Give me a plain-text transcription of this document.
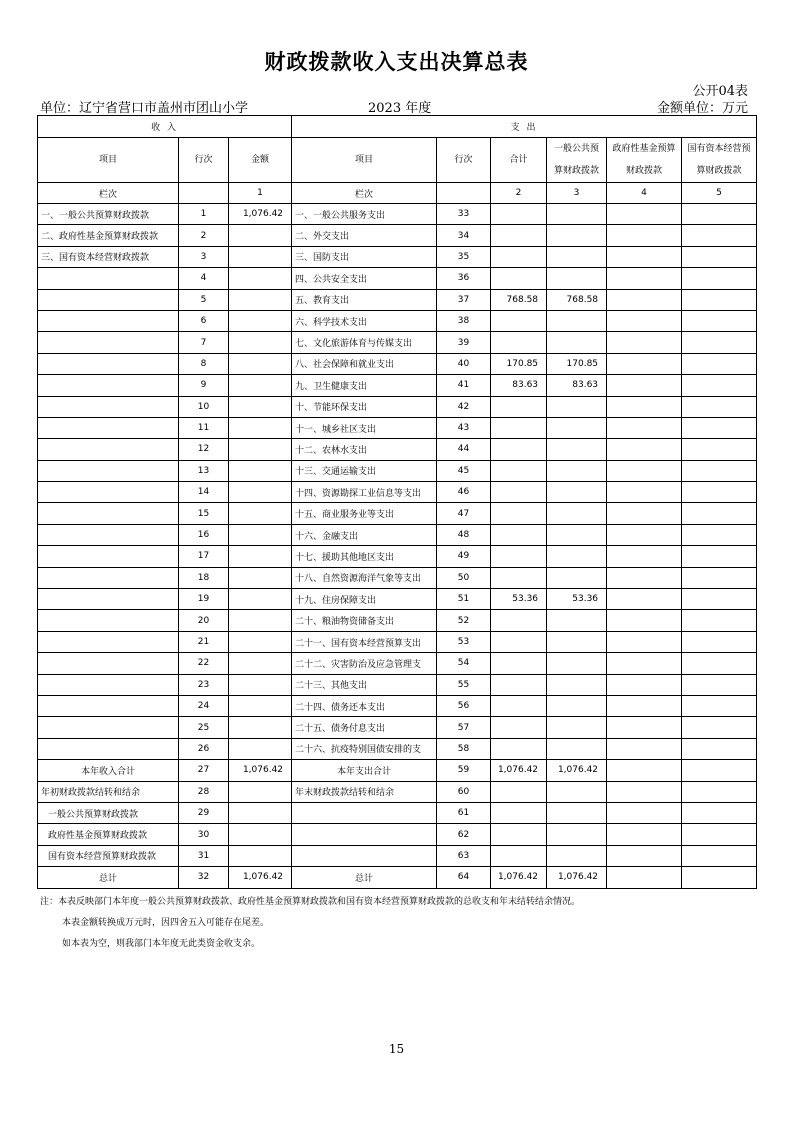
财政拨款收入支出决算总表
公开04表
单位：辽宁省营口市盖州市团山小学	2023 年度	金额单位：万元
收 入			支 出					
项目	行次	金额	项目	行次	合计	一般公共预算财政拨款	政府性基金预算财政拨款	国有资本经营预算财政拨款
栏次		1	栏次		2	3	4	5
一、一般公共预算财政拨款	1	1,076.42	一、一般公共服务支出	33				
二、政府性基金预算财政拨款	2		二、外交支出	34				
三、国有资本经营财政拨款	3		三、国防支出	35				
	4		四、公共安全支出	36				
	5		五、教育支出	37	768.58	768.58		
	6		六、科学技术支出	38				
	7		七、文化旅游体育与传媒支出	39				
	8		八、社会保障和就业支出	40	170.85	170.85		
	9		九、卫生健康支出	41	83.63	83.63		
	10		十、节能环保支出	42				
	11		十一、城乡社区支出	43				
	12		十二、农林水支出	44				
	13		十三、交通运输支出	45				
	14		十四、资源勘探工业信息等支出	46				
	15		十五、商业服务业等支出	47				
	16		十六、金融支出	48				
	17		十七、援助其他地区支出	49				
	18		十八、自然资源海洋气象等支出	50				
	19		十九、住房保障支出	51	53.36	53.36		
	20		二十、粮油物资储备支出	52				
	21		二十一、国有资本经营预算支出	53				
	22		二十二、灾害防治及应急管理支	54				
	23		二十三、其他支出	55				
	24		二十四、债务还本支出	56				
	25		二十五、债务付息支出	57				
	26		二十六、抗疫特别国债安排的支	58				
本年收入合计	27	1,076.42	本年支出合计	59	1,076.42	1,076.42		
年初财政拨款结转和结余	28		年末财政拨款结转和结余	60				
一般公共预算财政拨款	29			61				
政府性基金预算财政拨款	30			62				
国有资本经营预算财政拨款	31			63				
总计	32	1,076.42	总计	64	1,076.42	1,076.42		
注：本表反映部门本年度一般公共预算财政拨款、政府性基金预算财政拨款和国有资本经营预算财政拨款的总收支和年末结转结余情况。
本表金额转换成万元时，因四舍五入可能存在尾差。
如本表为空，则我部门本年度无此类资金收支余。
15
